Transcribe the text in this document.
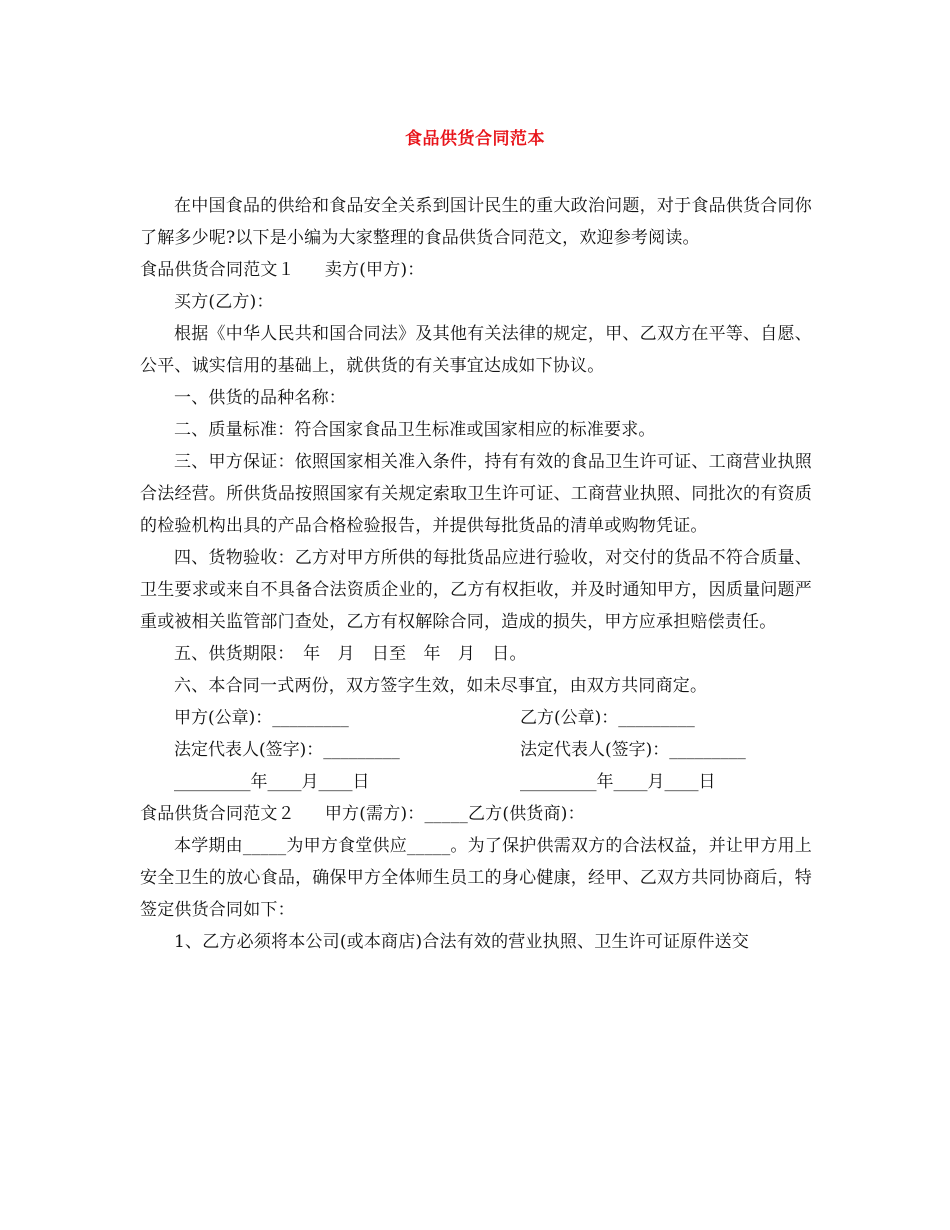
食品供货合同范本

在中国食品的供给和食品安全关系到国计民生的重大政治问题，对于食品供货合同你了解多少呢?以下是小编为大家整理的食品供货合同范文，欢迎参考阅读。

食品供货合同范文１ 卖方(甲方)：

买方(乙方)：

根据《中华人民共和国合同法》及其他有关法律的规定，甲、乙双方在平等、自愿、公平、诚实信用的基础上，就供货的有关事宜达成如下协议。

一、供货的品种名称：

二、质量标准：符合国家食品卫生标准或国家相应的标准要求。

三、甲方保证：依照国家相关准入条件，持有有效的食品卫生许可证、工商营业执照合法经营。所供货品按照国家有关规定索取卫生许可证、工商营业执照、同批次的有资质的检验机构出具的产品合格检验报告，并提供每批货品的清单或购物凭证。

四、货物验收：乙方对甲方所供的每批货品应进行验收，对交付的货品不符合质量、卫生要求或来自不具备合法资质企业的，乙方有权拒收，并及时通知甲方，因质量问题严重或被相关监管部门查处，乙方有权解除合同，造成的损失，甲方应承担赔偿责任。

五、供货期限：　年　月　日至　年　月　日。

六、本合同一式两份，双方签字生效，如未尽事宜，由双方共同商定。

甲方(公章)：_________	乙方(公章)：_________
法定代表人(签字)：_________	法定代表人(签字)：_________
_________年____月____日	_________年____月____日

食品供货合同范文２ 甲方(需方)：_____乙方(供货商)：

本学期由_____为甲方食堂供应_____。为了保护供需双方的合法权益，并让甲方用上安全卫生的放心食品，确保甲方全体师生员工的身心健康，经甲、乙双方共同协商后，特签定供货合同如下：

1、乙方必须将本公司(或本商店)合法有效的营业执照、卫生许可证原件送交
